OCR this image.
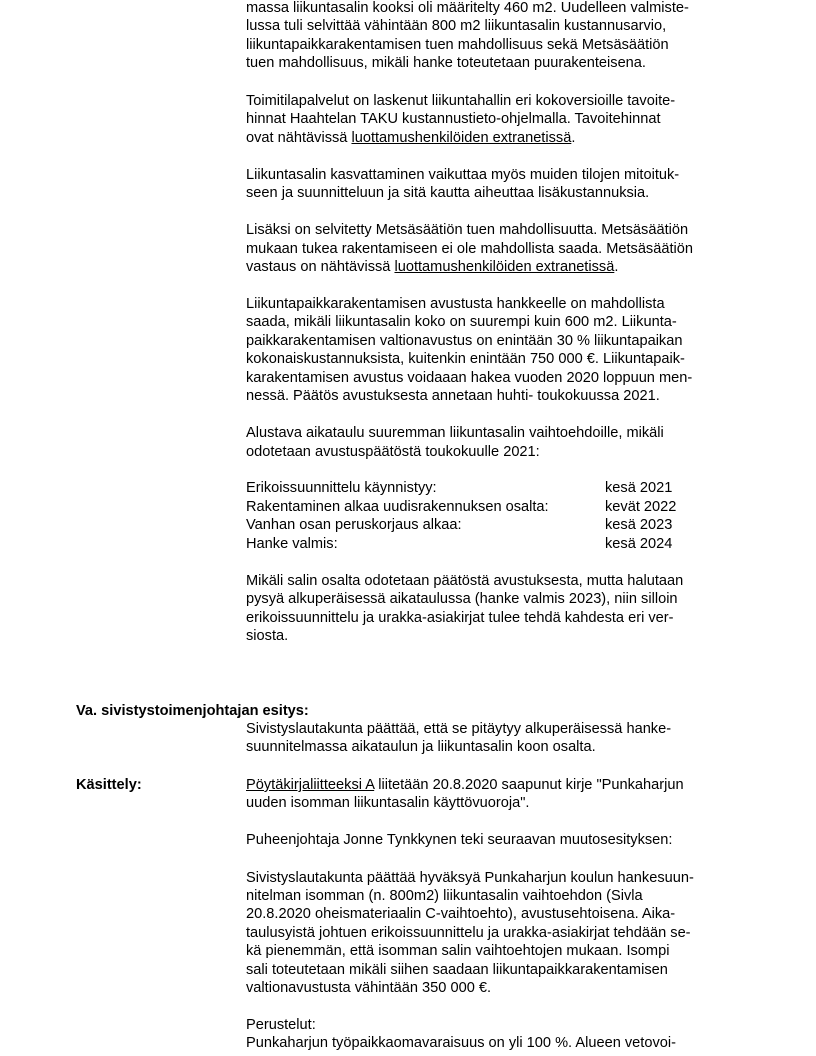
massa liikuntasalin kooksi oli määritelty 460 m2. Uudelleen valmiste-
lussa tuli selvittää vähintään 800 m2 liikuntasalin kustannusarvio,
liikuntapaikkarakentamisen tuen mahdollisuus sekä Metsäsäätiön
tuen mahdollisuus, mikäli hanke toteutetaan puurakenteisena.
Toimitilapalvelut on laskenut liikuntahallin eri kokoversioille tavoite-
hinnat Haahtelan TAKU kustannustieto-ohjelmalla. Tavoitehinnat
ovat nähtävissä luottamushenkilöiden extranetissä.
Liikuntasalin kasvattaminen vaikuttaa myös muiden tilojen mitoituk-
seen ja suunnitteluun ja sitä kautta aiheuttaa lisäkustannuksia.
Lisäksi on selvitetty Metsäsäätiön tuen mahdollisuutta. Metsäsäätiön
mukaan tukea rakentamiseen ei ole mahdollista saada. Metsäsäätiön
vastaus on nähtävissä luottamushenkilöiden extranetissä.
Liikuntapaikkarakentamisen avustusta hankkeelle on mahdollista
saada, mikäli liikuntasalin koko on suurempi kuin 600 m2. Liikunta-
paikkarakentamisen valtionavustus on enintään 30 % liikuntapaikan
kokonaiskustannuksista, kuitenkin enintään 750 000 €. Liikuntapaik-
karakentamisen avustus voidaaan hakea vuoden 2020 loppuun men-
nessä. Päätös avustuksesta annetaan huhti- toukokuussa 2021.
Alustava aikataulu suuremman liikuntasalin vaihtoehdoille, mikäli
odotetaan avustuspäätöstä toukokuulle 2021:
Erikoissuunnittelu käynnistyy:	kesä 2021
Rakentaminen alkaa uudisrakennuksen osalta:	kevät 2022
Vanhan osan peruskorjaus alkaa:	kesä 2023
Hanke valmis:	kesä 2024
Mikäli salin osalta odotetaan päätöstä avustuksesta, mutta halutaan
pysyä alkuperäisessä aikataulussa (hanke valmis 2023), niin silloin
erikoissuunnittelu ja urakka-asiakirjat tulee tehdä kahdesta eri ver-
siosta.
Va. sivistystoimenjohtajan esitys:
Sivistyslautakunta päättää, että se pitäytyy alkuperäisessä hanke-
suunnitelmassa aikataulun ja liikuntasalin koon osalta.
Käsittely:	Pöytäkirjaliitteeksi A liitetään 20.8.2020 saapunut kirje "Punkaharjun
uuden isomman liikuntasalin käyttövuoroja".
Puheenjohtaja Jonne Tynkkynen teki seuraavan muutosesityksen:
Sivistyslautakunta päättää hyväksyä Punkaharjun koulun hankesuun-
nitelman isomman (n. 800m2) liikuntasalin vaihtoehdon (Sivla
20.8.2020 oheismateriaalin C-vaihtoehto), avustusehtoisena. Aika-
taulusyistä johtuen erikoissuunnittelu ja urakka-asiakirjat tehdään se-
kä pienemmän, että isomman salin vaihtoehtojen mukaan. Isompi
sali toteutetaan mikäli siihen saadaan liikuntapaikkarakentamisen
valtionavustusta vähintään 350 000 €.
Perustelut:
Punkaharjun työpaikkaomavaraisuus on yli 100 %. Alueen vetovoi-
